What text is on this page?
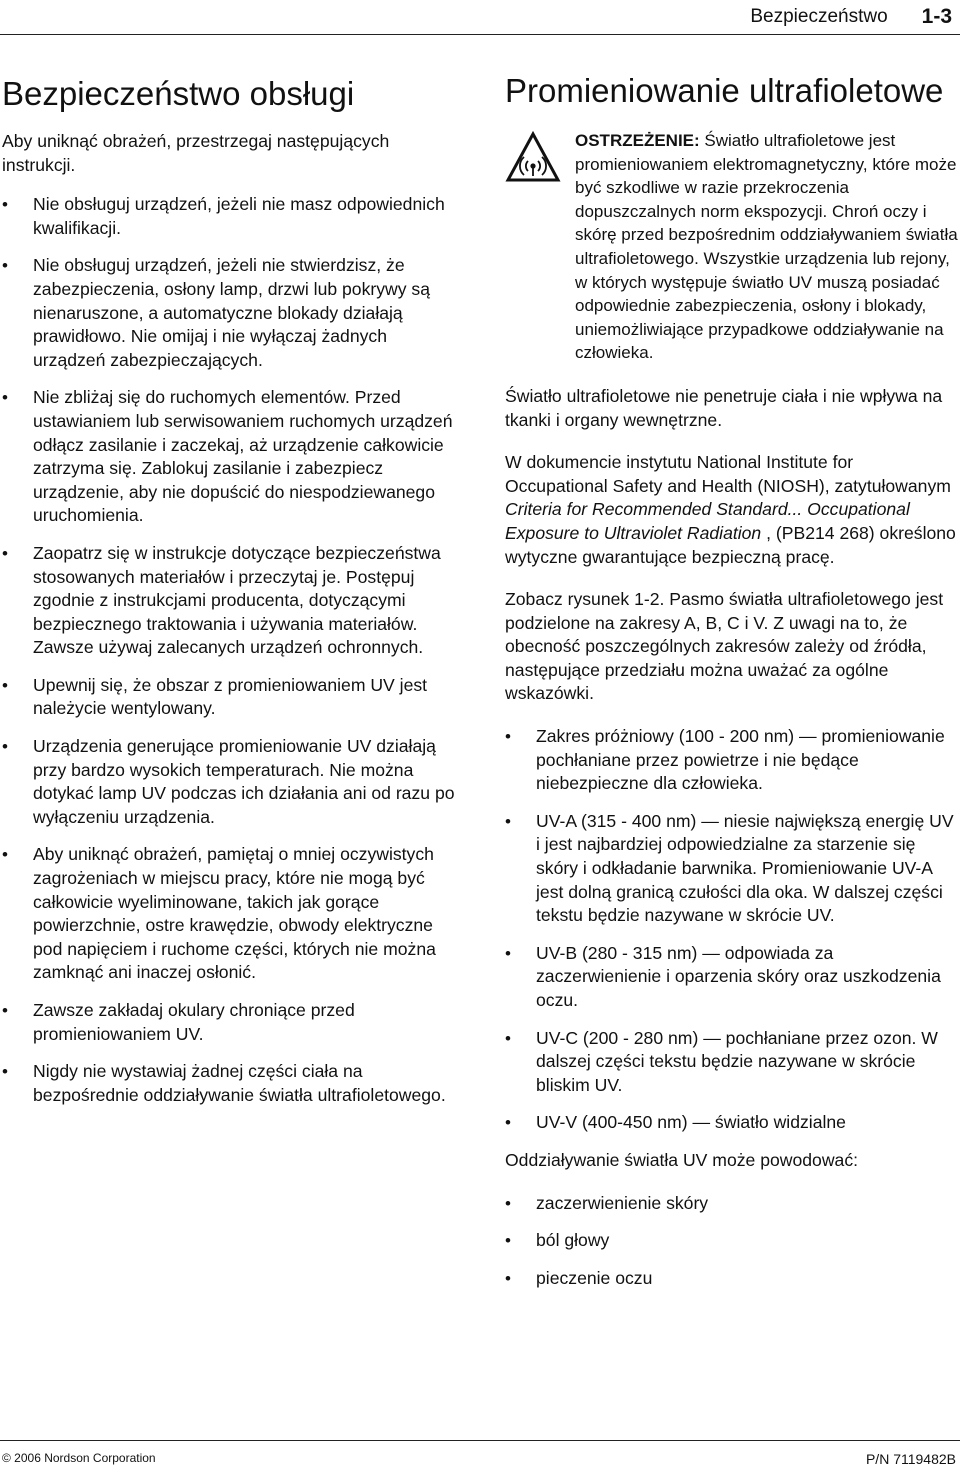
Bezpieczeństwo 1-3
Bezpieczeństwo obsługi

Aby uniknąć obrażeń, przestrzegaj następujących instrukcji.

• Nie obsługuj urządzeń, jeżeli nie masz odpowiednich kwalifikacji.
• Nie obsługuj urządzeń, jeżeli nie stwierdzisz, że zabezpieczenia, osłony lamp, drzwi lub pokrywy są nienaruszone, a automatyczne blokady działają prawidłowo. Nie omijaj i nie wyłączaj żadnych urządzeń zabezpieczających.
• Nie zbliżaj się do ruchomych elementów. Przed ustawianiem lub serwisowaniem ruchomych urządzeń odłącz zasilanie i zaczekaj, aż urządzenie całkowicie zatrzyma się. Zablokuj zasilanie i zabezpiecz urządzenie, aby nie dopuścić do niespodziewanego uruchomienia.
• Zaopatrz się w instrukcje dotyczące bezpieczeństwa stosowanych materiałów i przeczytaj je. Postępuj zgodnie z instrukcjami producenta, dotyczącymi bezpiecznego traktowania i używania materiałów. Zawsze używaj zalecanych urządzeń ochronnych.
• Upewnij się, że obszar z promieniowaniem UV jest należycie wentylowany.
• Urządzenia generujące promieniowanie UV działają przy bardzo wysokich temperaturach. Nie można dotykać lamp UV podczas ich działania ani od razu po wyłączeniu urządzenia.
• Aby uniknąć obrażeń, pamiętaj o mniej oczywistych zagrożeniach w miejscu pracy, które nie mogą być całkowicie wyeliminowane, takich jak gorące powierzchnie, ostre krawędzie, obwody elektryczne pod napięciem i ruchome części, których nie można zamknąć ani inaczej osłonić.
• Zawsze zakładaj okulary chroniące przed promieniowaniem UV.
• Nigdy nie wystawiaj żadnej części ciała na bezpośrednie oddziaływanie światła ultrafioletowego.
Promieniowanie ultrafioletowe
OSTRZEŻENIE: Światło ultrafioletowe jest promieniowaniem elektromagnetyczny, które może być szkodliwe w razie przekroczenia dopuszczalnych norm ekspozycji. Chroń oczy i skórę przed bezpośrednim oddziaływaniem światła ultrafioletowego. Wszystkie urządzenia lub rejony, w których występuje światło UV muszą posiadać odpowiednie zabezpieczenia, osłony i blokady, uniemożliwiające przypadkowe oddziaływanie na człowieka.

Światło ultrafioletowe nie penetruje ciała i nie wpływa na tkanki i organy wewnętrzne.

W dokumencie instytutu National Institute for Occupational Safety and Health (NIOSH), zatytułowanym Criteria for Recommended Standard... Occupational Exposure to Ultraviolet Radiation , (PB214 268) określono wytyczne gwarantujące bezpieczną pracę.

Zobacz rysunek 1-2. Pasmo światła ultrafioletowego jest podzielone na zakresy A, B, C i V. Z uwagi na to, że obecność poszczególnych zakresów zależy od źródła, następujące przedziału można uważać za ogólne wskazówki.

• Zakres próżniowy (100 - 200 nm) — promieniowanie pochłaniane przez powietrze i nie będące niebezpieczne dla człowieka.
• UV-A (315 - 400 nm) — niesie największą energię UV i jest najbardziej odpowiedzialne za starzenie się skóry i odkładanie barwnika. Promieniowanie UV-A jest dolną granicą czułości dla oka. W dalszej części tekstu będzie nazywane w skrócie UV.
• UV-B (280 - 315 nm) — odpowiada za zaczerwienienie i oparzenia skóry oraz uszkodzenia oczu.
• UV-C (200 - 280 nm) — pochłaniane przez ozon. W dalszej części tekstu będzie nazywane w skrócie bliskim UV.
• UV-V (400-450 nm) — światło widzialne

Oddziaływanie światła UV może powodować:

• zaczerwienienie skóry
• ból głowy
• pieczenie oczu
© 2006 Nordson Corporation	P/N 7119482B
